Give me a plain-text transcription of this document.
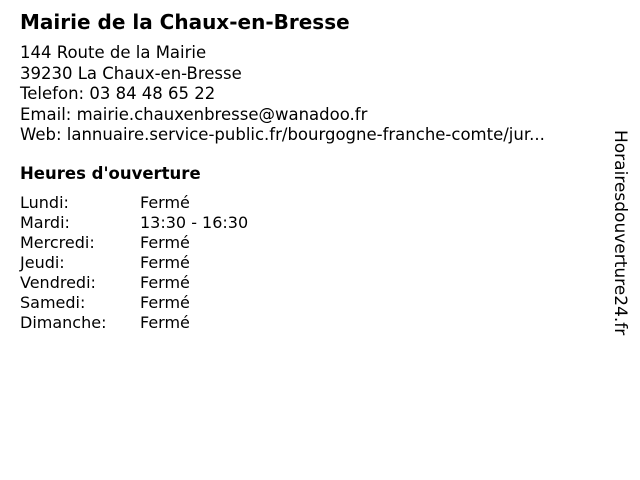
Mairie de la Chaux-en-Bresse
144 Route de la Mairie
39230 La Chaux-en-Bresse
Telefon: 03 84 48 65 22
Email: mairie.chauxenbresse@wanadoo.fr
Web: lannuaire.service-public.fr/bourgogne-franche-comte/jur...
Heures d'ouverture
Lundi:	Fermé
Mardi:	13:30 - 16:30
Mercredi:	Fermé
Jeudi:	Fermé
Vendredi:	Fermé
Samedi:	Fermé
Dimanche:	Fermé	Horairesdouverture24.fr
